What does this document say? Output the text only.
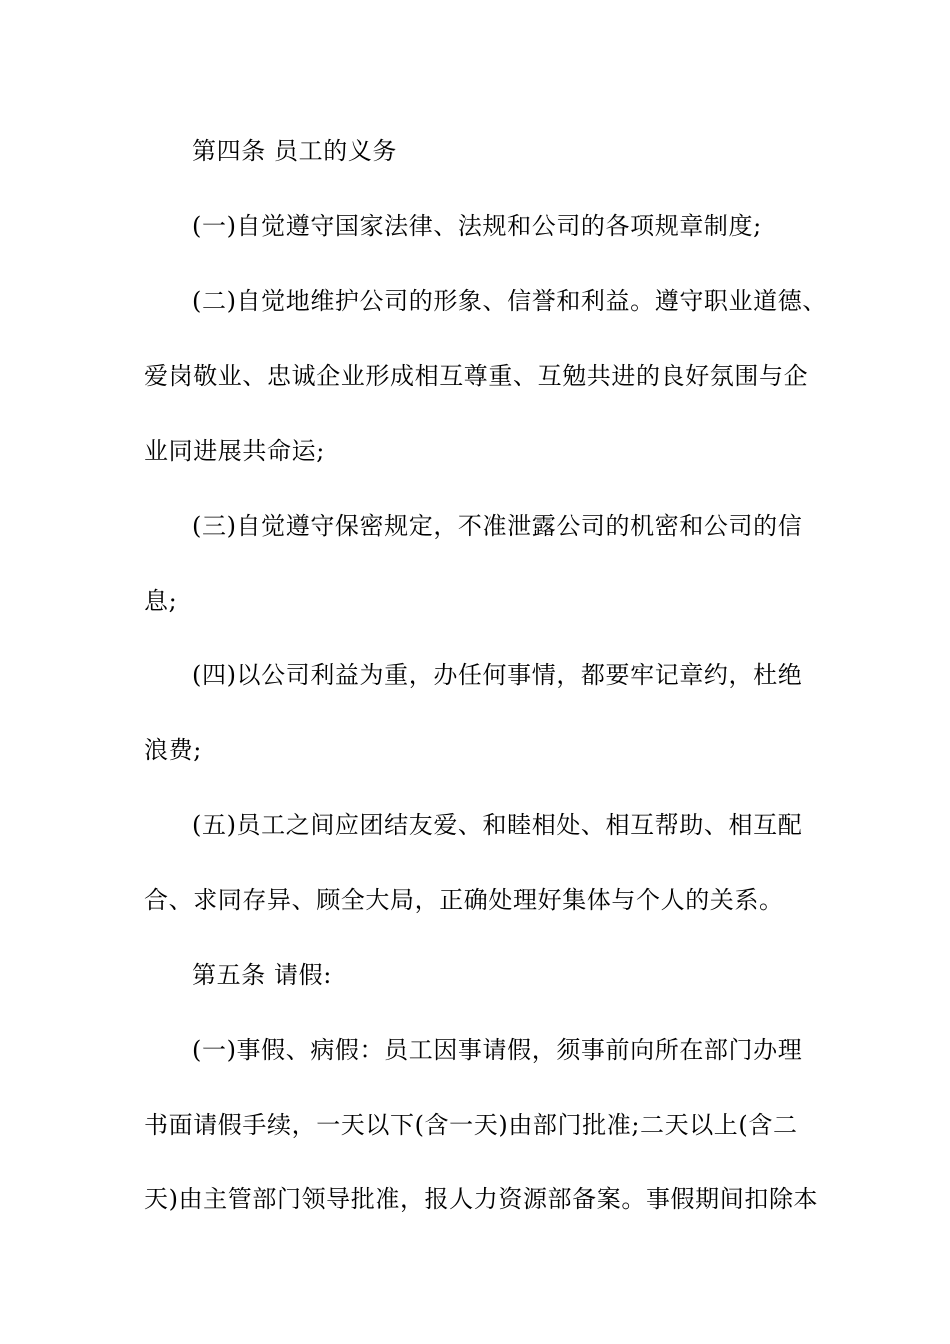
第四条 员工的义务
(一)自觉遵守国家法律、法规和公司的各项规章制度;
(二)自觉地维护公司的形象、信誉和利益。遵守职业道德、
爱岗敬业、忠诚企业形成相互尊重、互勉共进的良好氛围与企
业同进展共命运;
(三)自觉遵守保密规定，不准泄露公司的机密和公司的信
息;
(四)以公司利益为重，办任何事情，都要牢记章约，杜绝
浪费;
(五)员工之间应团结友爱、和睦相处、相互帮助、相互配
合、求同存异、顾全大局，正确处理好集体与个人的关系。
第五条 请假:
(一)事假、病假：员工因事请假，须事前向所在部门办理
书面请假手续，一天以下(含一天)由部门批准;二天以上(含二
天)由主管部门领导批准，报人力资源部备案。事假期间扣除本
